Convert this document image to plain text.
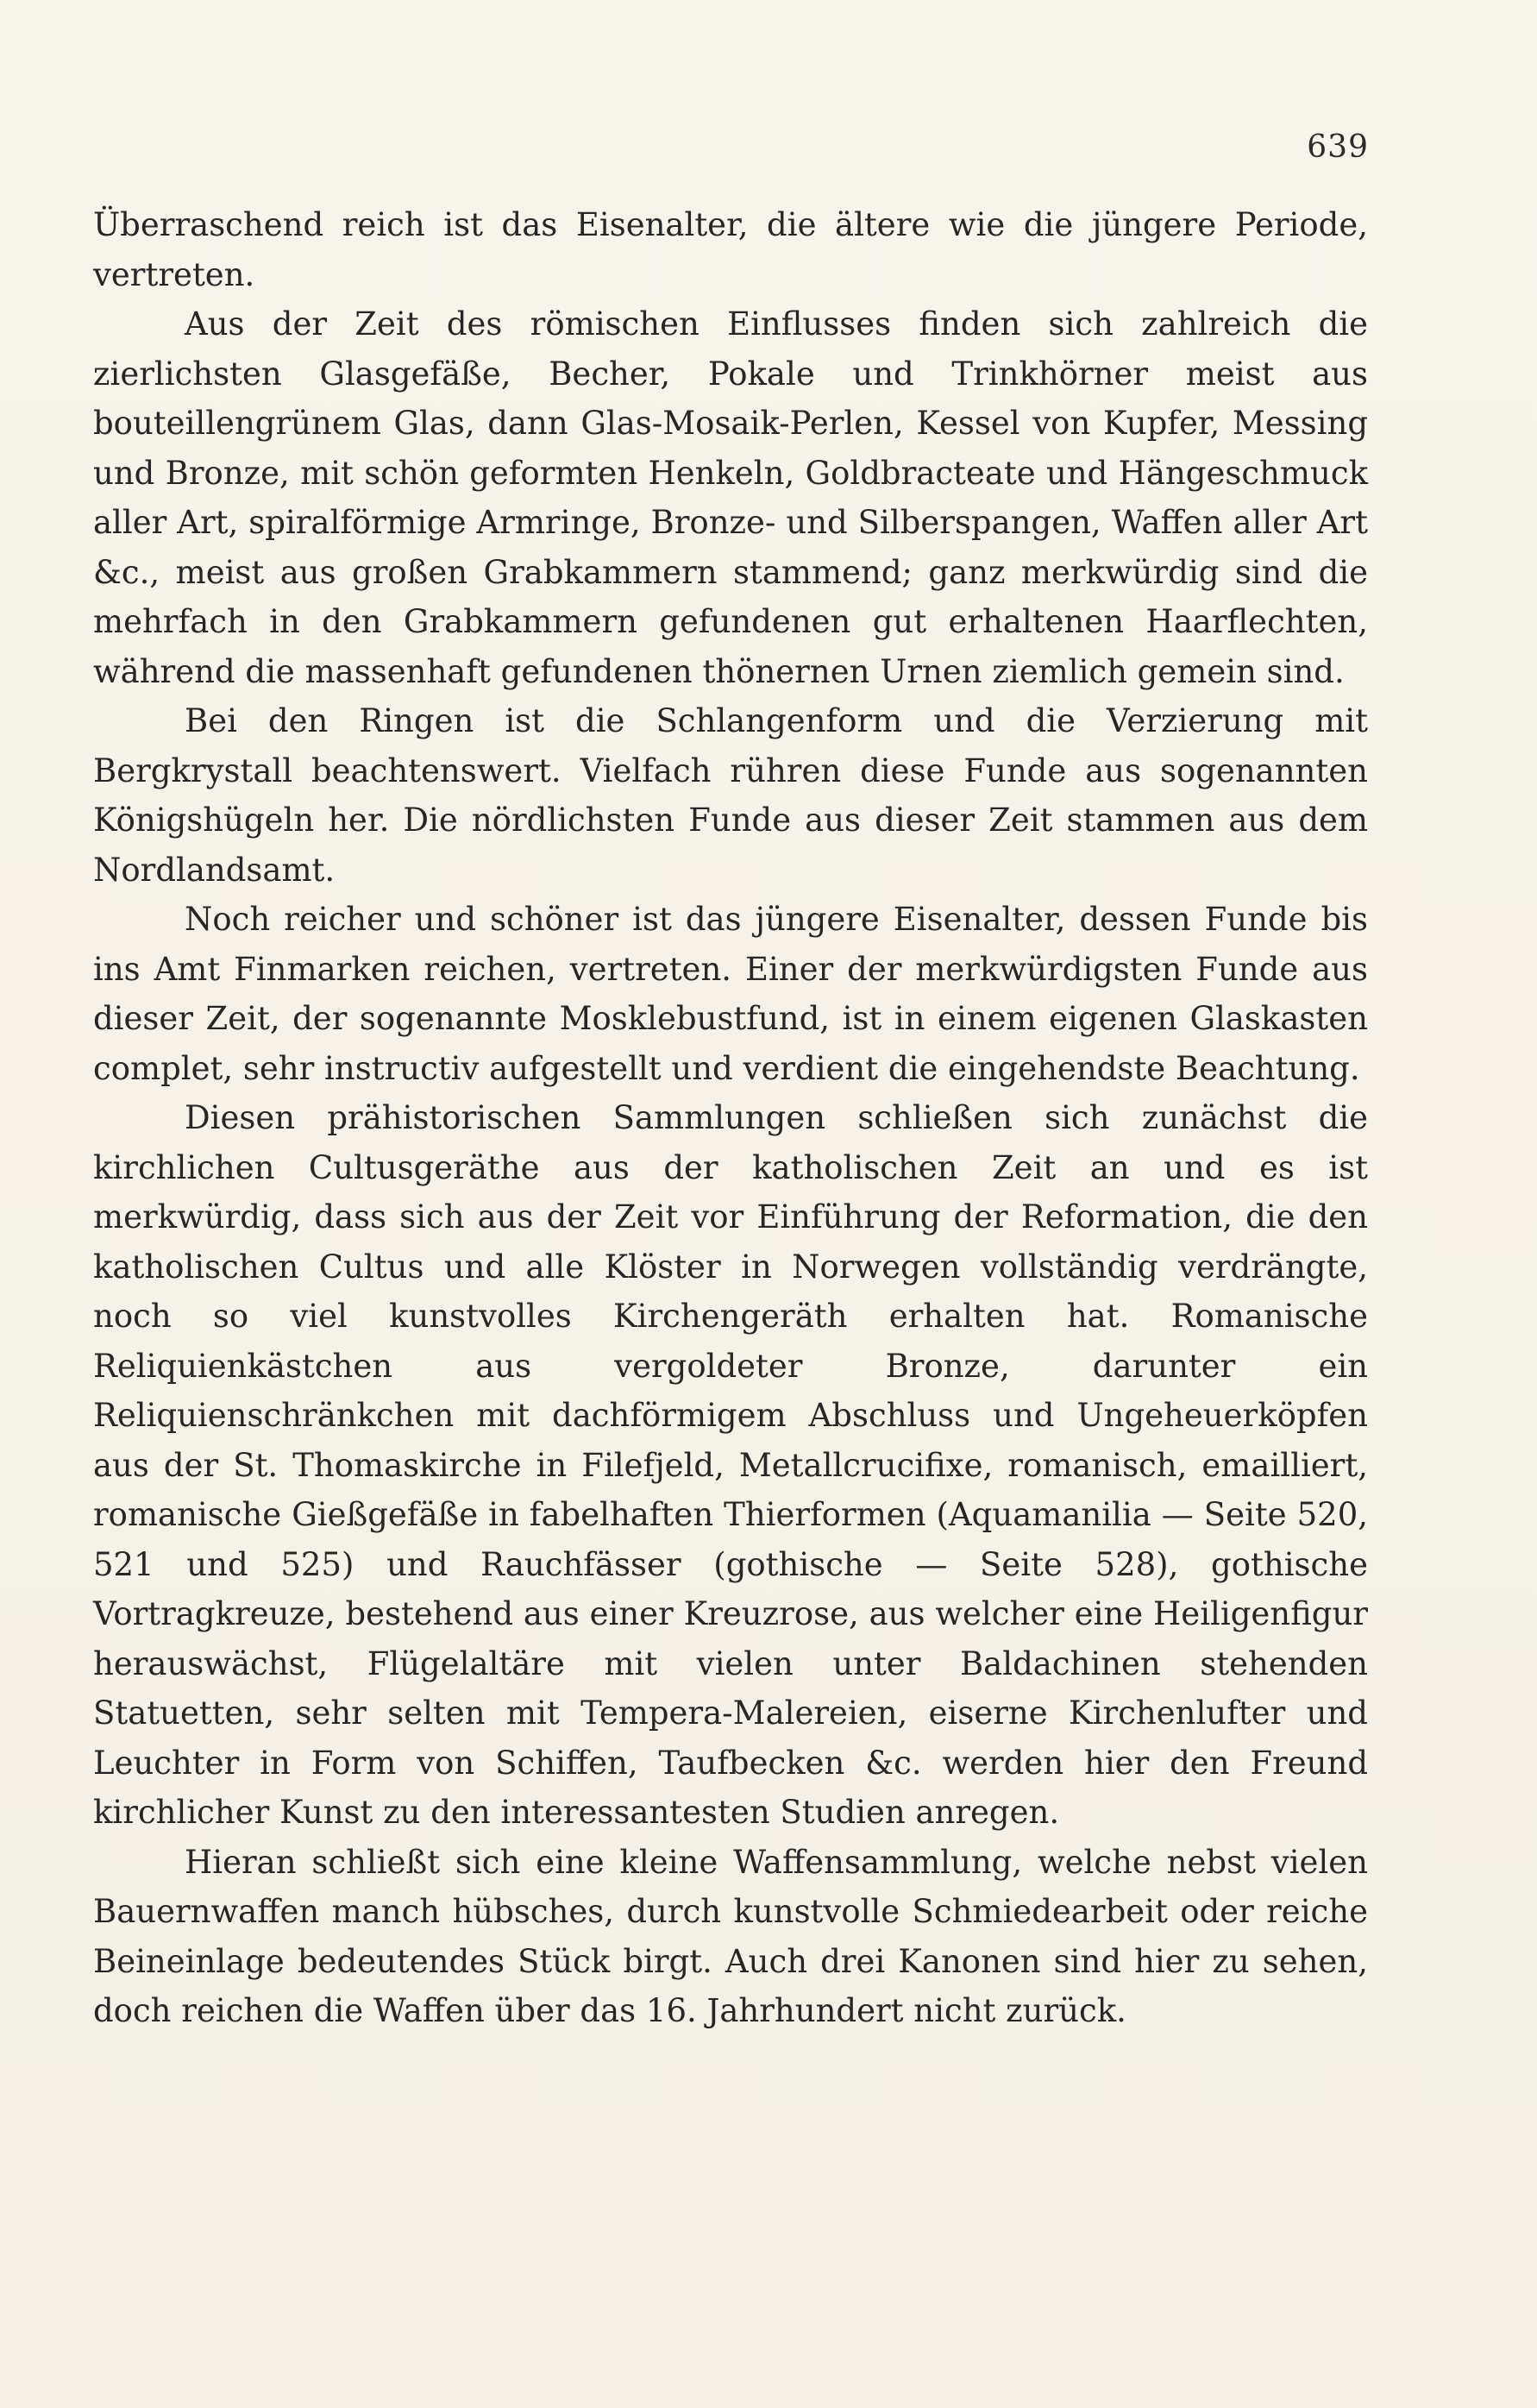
639

Überraschend reich ist das Eisenalter, die ältere wie die jüngere Periode, vertreten.

Aus der Zeit des römischen Einflusses finden sich zahlreich die zierlichsten Glasgefäße, Becher, Pokale und Trinkhörner meist aus bouteillengrünem Glas, dann Glas-Mosaik-Perlen, Kessel von Kupfer, Messing und Bronze, mit schön geformten Henkeln, Goldbracteate und Hängeschmuck aller Art, spiralförmige Armringe, Bronze- und Silberspangen, Waffen aller Art &c., meist aus großen Grabkammern stammend; ganz merkwürdig sind die mehrfach in den Grabkammern gefundenen gut erhaltenen Haarflechten, während die massenhaft gefundenen thönernen Urnen ziemlich gemein sind.

Bei den Ringen ist die Schlangenform und die Verzierung mit Bergkrystall beachtenswert. Vielfach rühren diese Funde aus sogenannten Königshügeln her. Die nördlichsten Funde aus dieser Zeit stammen aus dem Nordlandsamt.

Noch reicher und schöner ist das jüngere Eisenalter, dessen Funde bis ins Amt Finmarken reichen, vertreten. Einer der merkwürdigsten Funde aus dieser Zeit, der sogenannte Mosklebustfund, ist in einem eigenen Glaskasten complet, sehr instructiv aufgestellt und verdient die eingehendste Beachtung.

Diesen prähistorischen Sammlungen schließen sich zunächst die kirchlichen Cultusgeräthe aus der katholischen Zeit an und es ist merkwürdig, dass sich aus der Zeit vor Einführung der Reformation, die den katholischen Cultus und alle Klöster in Norwegen vollständig verdrängte, noch so viel kunstvolles Kirchengeräth erhalten hat. Romanische Reliquienkästchen aus vergoldeter Bronze, darunter ein Reliquienschränkchen mit dachförmigem Abschluss und Ungeheuerköpfen aus der St. Thomaskirche in Filefjeld, Metallcrucifixe, romanisch, emailliert, romanische Gießgefäße in fabelhaften Thierformen (Aquamanilia — Seite 520, 521 und 525) und Rauchfässer (gothische — Seite 528), gothische Vortragkreuze, bestehend aus einer Kreuzrose, aus welcher eine Heiligenfigur herauswächst, Flügelaltäre mit vielen unter Baldachinen stehenden Statuetten, sehr selten mit Tempera-Malereien, eiserne Kirchenlufter und Leuchter in Form von Schiffen, Taufbecken &c. werden hier den Freund kirchlicher Kunst zu den interessantesten Studien anregen.

Hieran schließt sich eine kleine Waffensammlung, welche nebst vielen Bauernwaffen manch hübsches, durch kunstvolle Schmiedearbeit oder reiche Beineinlage bedeutendes Stück birgt. Auch drei Kanonen sind hier zu sehen, doch reichen die Waffen über das 16. Jahrhundert nicht zurück.
